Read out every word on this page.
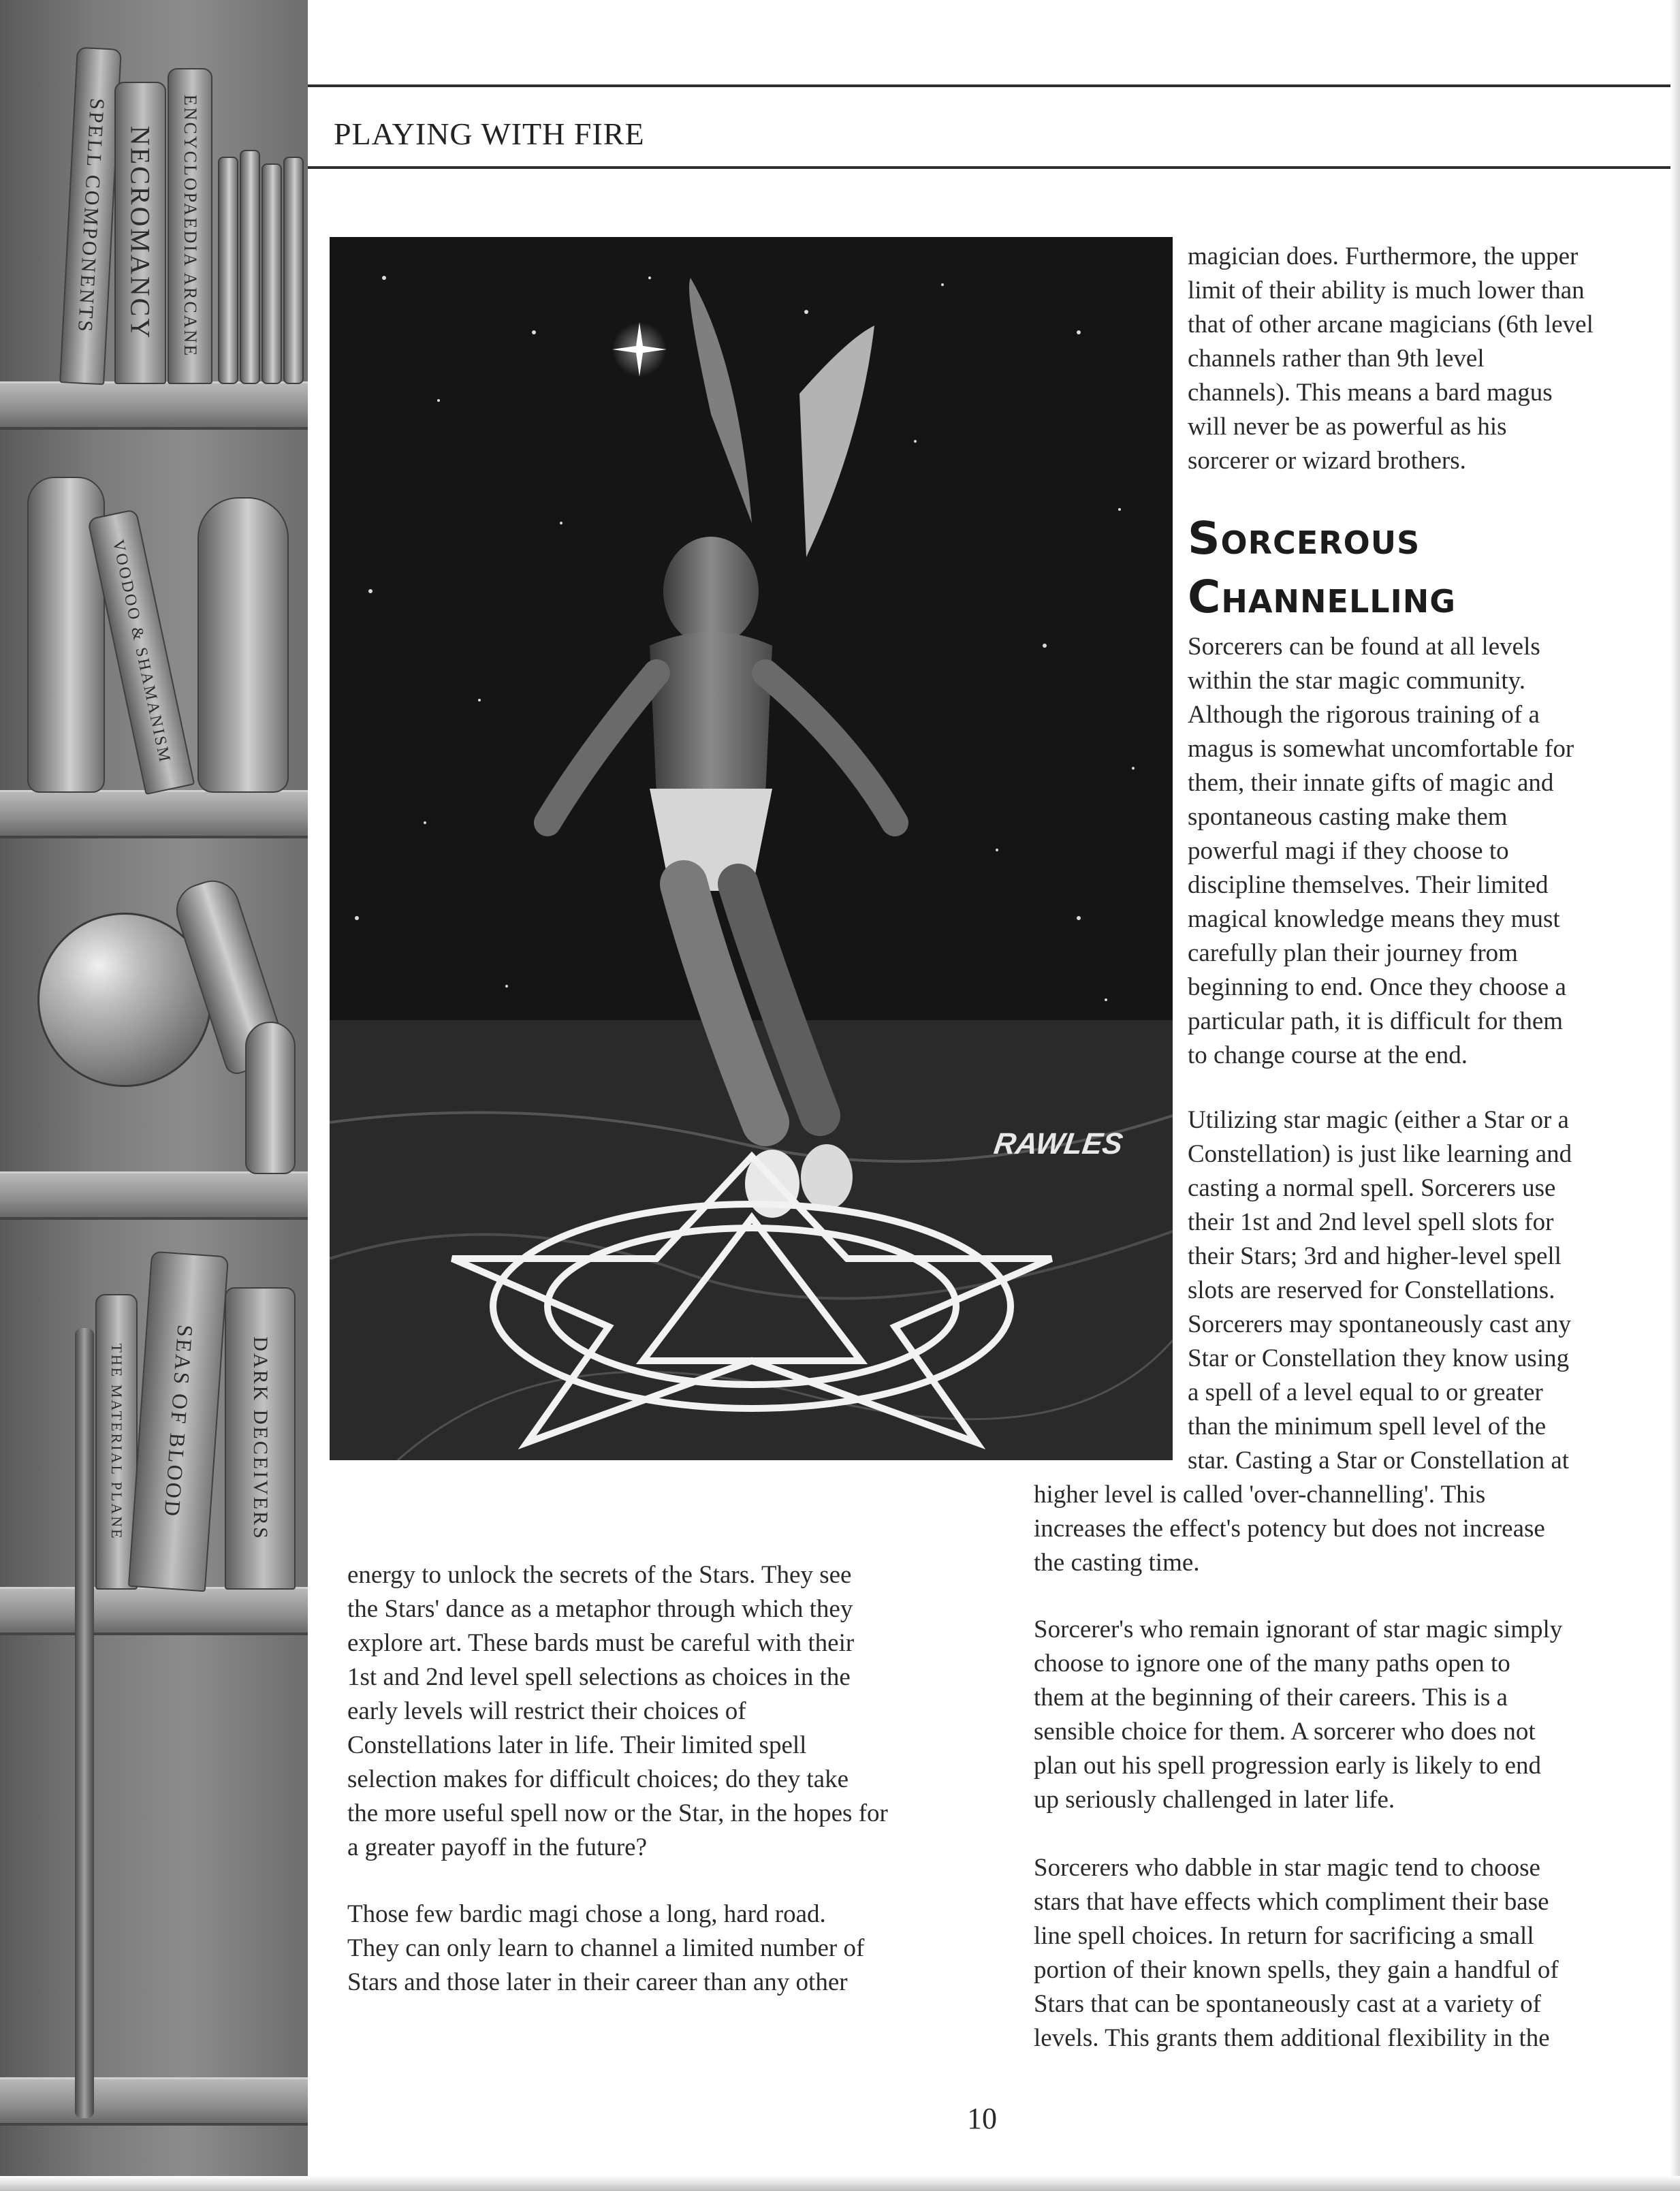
SPELL COMPONENTS NECROMANCY ENCYCLOPAEDIA ARCANE
VOODOO & SHAMANISM
THE MATERIAL PLANE SEAS OF BLOOD	DARK DECEIVERS
PLAYING WITH FIRE
RAWLES

magician does. Furthermore, the upper

limit of their ability is much lower than

that of other arcane magicians (6th level

channels rather than 9th level

channels). This means a bard magus

will never be as powerful as his

sorcerer or wizard brothers.

Sorcerous
Channelling

Sorcerers can be found at all levels

within the star magic community.

Although the rigorous training of a

magus is somewhat uncomfortable for

them, their innate gifts of magic and

spontaneous casting make them

powerful magi if they choose to

discipline themselves. Their limited

magical knowledge means they must

carefully plan their journey from

beginning to end. Once they choose a

particular path, it is difficult for them

to change course at the end.

Utilizing star magic (either a Star or a

Constellation) is just like learning and

casting a normal spell. Sorcerers use

their 1st and 2nd level spell slots for

their Stars; 3rd and higher-level spell

slots are reserved for Constellations.

Sorcerers may spontaneously cast any

Star or Constellation they know using

a spell of a level equal to or greater

than the minimum spell level of the

star. Casting a Star or Constellation at

higher level is called 'over-channelling'. This

increases the effect's potency but does not increase

the casting time.

Sorcerer's who remain ignorant of star magic simply

choose to ignore one of the many paths open to

them at the beginning of their careers. This is a

sensible choice for them. A sorcerer who does not

plan out his spell progression early is likely to end

up seriously challenged in later life.

Sorcerers who dabble in star magic tend to choose

stars that have effects which compliment their base

line spell choices. In return for sacrificing a small

portion of their known spells, they gain a handful of

Stars that can be spontaneously cast at a variety of

levels. This grants them additional flexibility in the

energy to unlock the secrets of the Stars. They see

the Stars' dance as a metaphor through which they

explore art. These bards must be careful with their

1st and 2nd level spell selections as choices in the

early levels will restrict their choices of

Constellations later in life. Their limited spell

selection makes for difficult choices; do they take

the more useful spell now or the Star, in the hopes for

a greater payoff in the future?

Those few bardic magi chose a long, hard road.

They can only learn to channel a limited number of

Stars and those later in their career than any other

10
